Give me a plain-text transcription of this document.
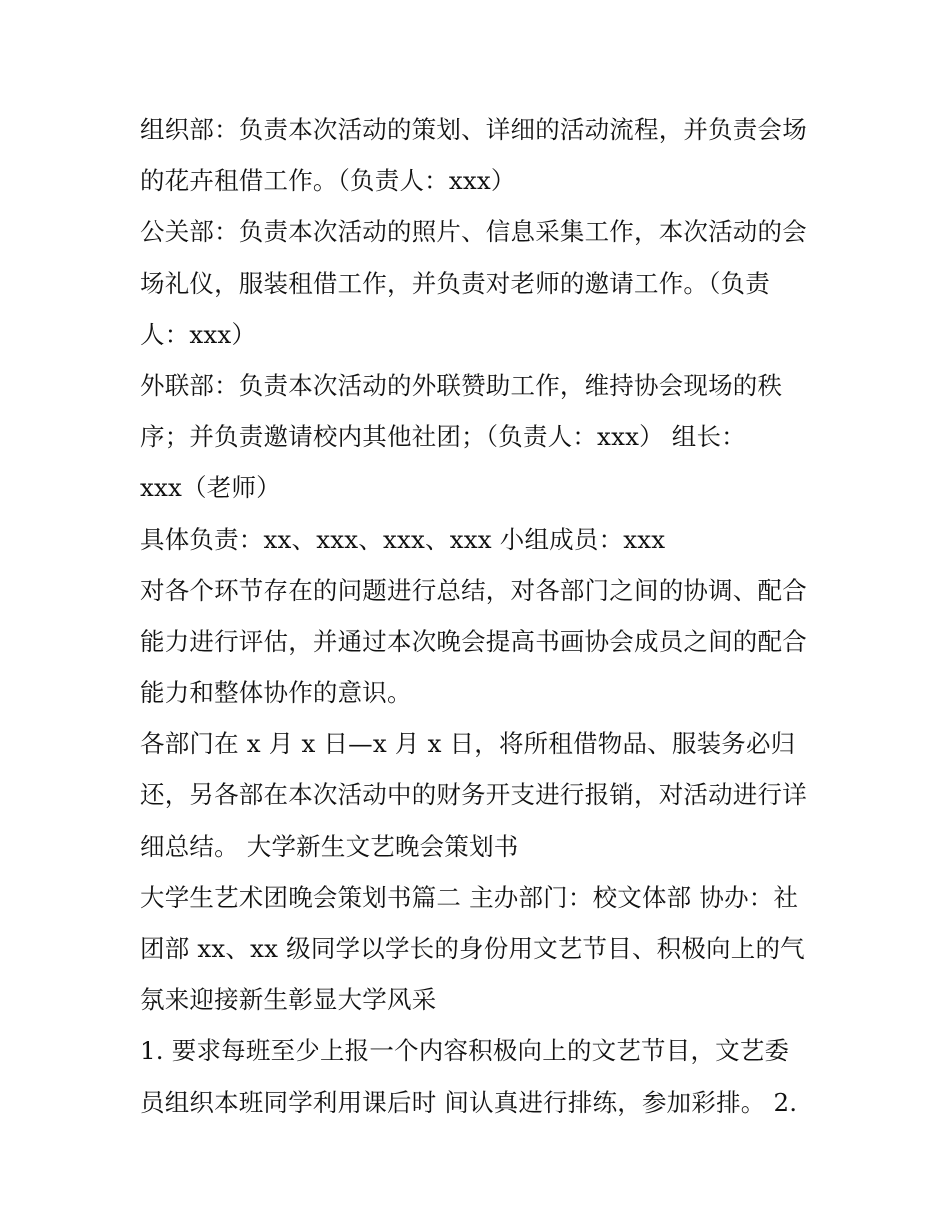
组织部：负责本次活动的策划、详细的活动流程，并负责会场
的花卉租借工作。（负责人：xxx）
公关部：负责本次活动的照片、信息采集工作，本次活动的会
场礼仪，服装租借工作，并负责对老师的邀请工作。（负责
人：xxx）
外联部：负责本次活动的外联赞助工作，维持协会现场的秩
序；并负责邀请校内其他社团；（负责人：xxx） 组长：
xxx（老师）
具体负责：xx、xxx、xxx、xxx 小组成员：xxx
对各个环节存在的问题进行总结，对各部门之间的协调、配合
能力进行评估，并通过本次晚会提高书画协会成员之间的配合
能力和整体协作的意识。
各部门在 x 月 x 日—x 月 x 日，将所租借物品、服装务必归
还，另各部在本次活动中的财务开支进行报销，对活动进行详
细总结。 大学新生文艺晚会策划书
大学生艺术团晚会策划书篇二 主办部门：校文体部 协办：社
团部 xx、xx 级同学以学长的身份用文艺节目、积极向上的气
氛来迎接新生彰显大学风采
1. 要求每班至少上报一个内容积极向上的文艺节目，文艺委
员组织本班同学利用课后时 间认真进行排练，参加彩排。 2.
